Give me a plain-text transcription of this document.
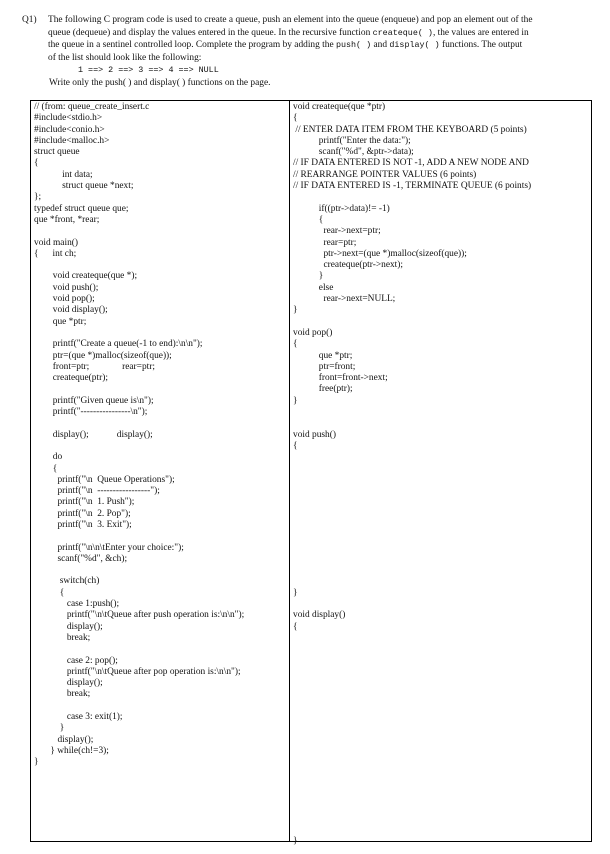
Q1) The following C program code is used to create a queue, push an element into the queue (enqueue) and pop an element out of the
queue (dequeue) and display the values entered in the queue. In the recursive function createque( ), the values are entered in
the queue in a sentinel controlled loop. Complete the program by adding the push( ) and display( ) functions. The output
of the list should look like the following:
1 ==> 2 ==> 3 ==> 4 ==> NULL
Write only the push( ) and display( ) functions on the page.
// (from: queue_create_insert.c
#include<stdio.h>
#include<conio.h>
#include<malloc.h>
struct queue
{
int data;
struct queue *next;
};
typedef struct queue que;
que *front, *rear;
void main()
{      int ch;
void createque(que *);
void push();
void pop();
void display();
que *ptr;
printf("Create a queue(-1 to end):\n\n");
ptr=(que *)malloc(sizeof(que));
front=ptr;              rear=ptr;
createque(ptr);
printf("Given queue is\n");
printf("----------------\n");
display();            display();
do
{
printf("\n  Queue Operations");
printf("\n  -----------------");
printf("\n  1. Push");
printf("\n  2. Pop");
printf("\n  3. Exit");
printf("\n\n\tEnter your choice:");
scanf("%d", &ch);
switch(ch)
{
case 1:push();
printf("\n\tQueue after push operation is:\n\n");
display();
break;
case 2: pop();
printf("\n\tQueue after pop operation is:\n\n");
display();
break;
case 3: exit(1);
}
display();
} while(ch!=3);
}
void createque(que *ptr)
{
// ENTER DATA ITEM FROM THE KEYBOARD (5 points)
printf("Enter the data:");
scanf("%d", &ptr->data);
// IF DATA ENTERED IS NOT -1, ADD A NEW NODE AND
// REARRANGE POINTER VALUES (6 points)
// IF DATA ENTERED IS -1, TERMINATE QUEUE (6 points)
if((ptr->data)!= -1)
{
rear->next=ptr;
rear=ptr;
ptr->next=(que *)malloc(sizeof(que));
createque(ptr->next);
}
else
rear->next=NULL;
}
void pop()
{
que *ptr;
ptr=front;
front=front->next;
free(ptr);
}
void push()
{
}
void display()
{
}
